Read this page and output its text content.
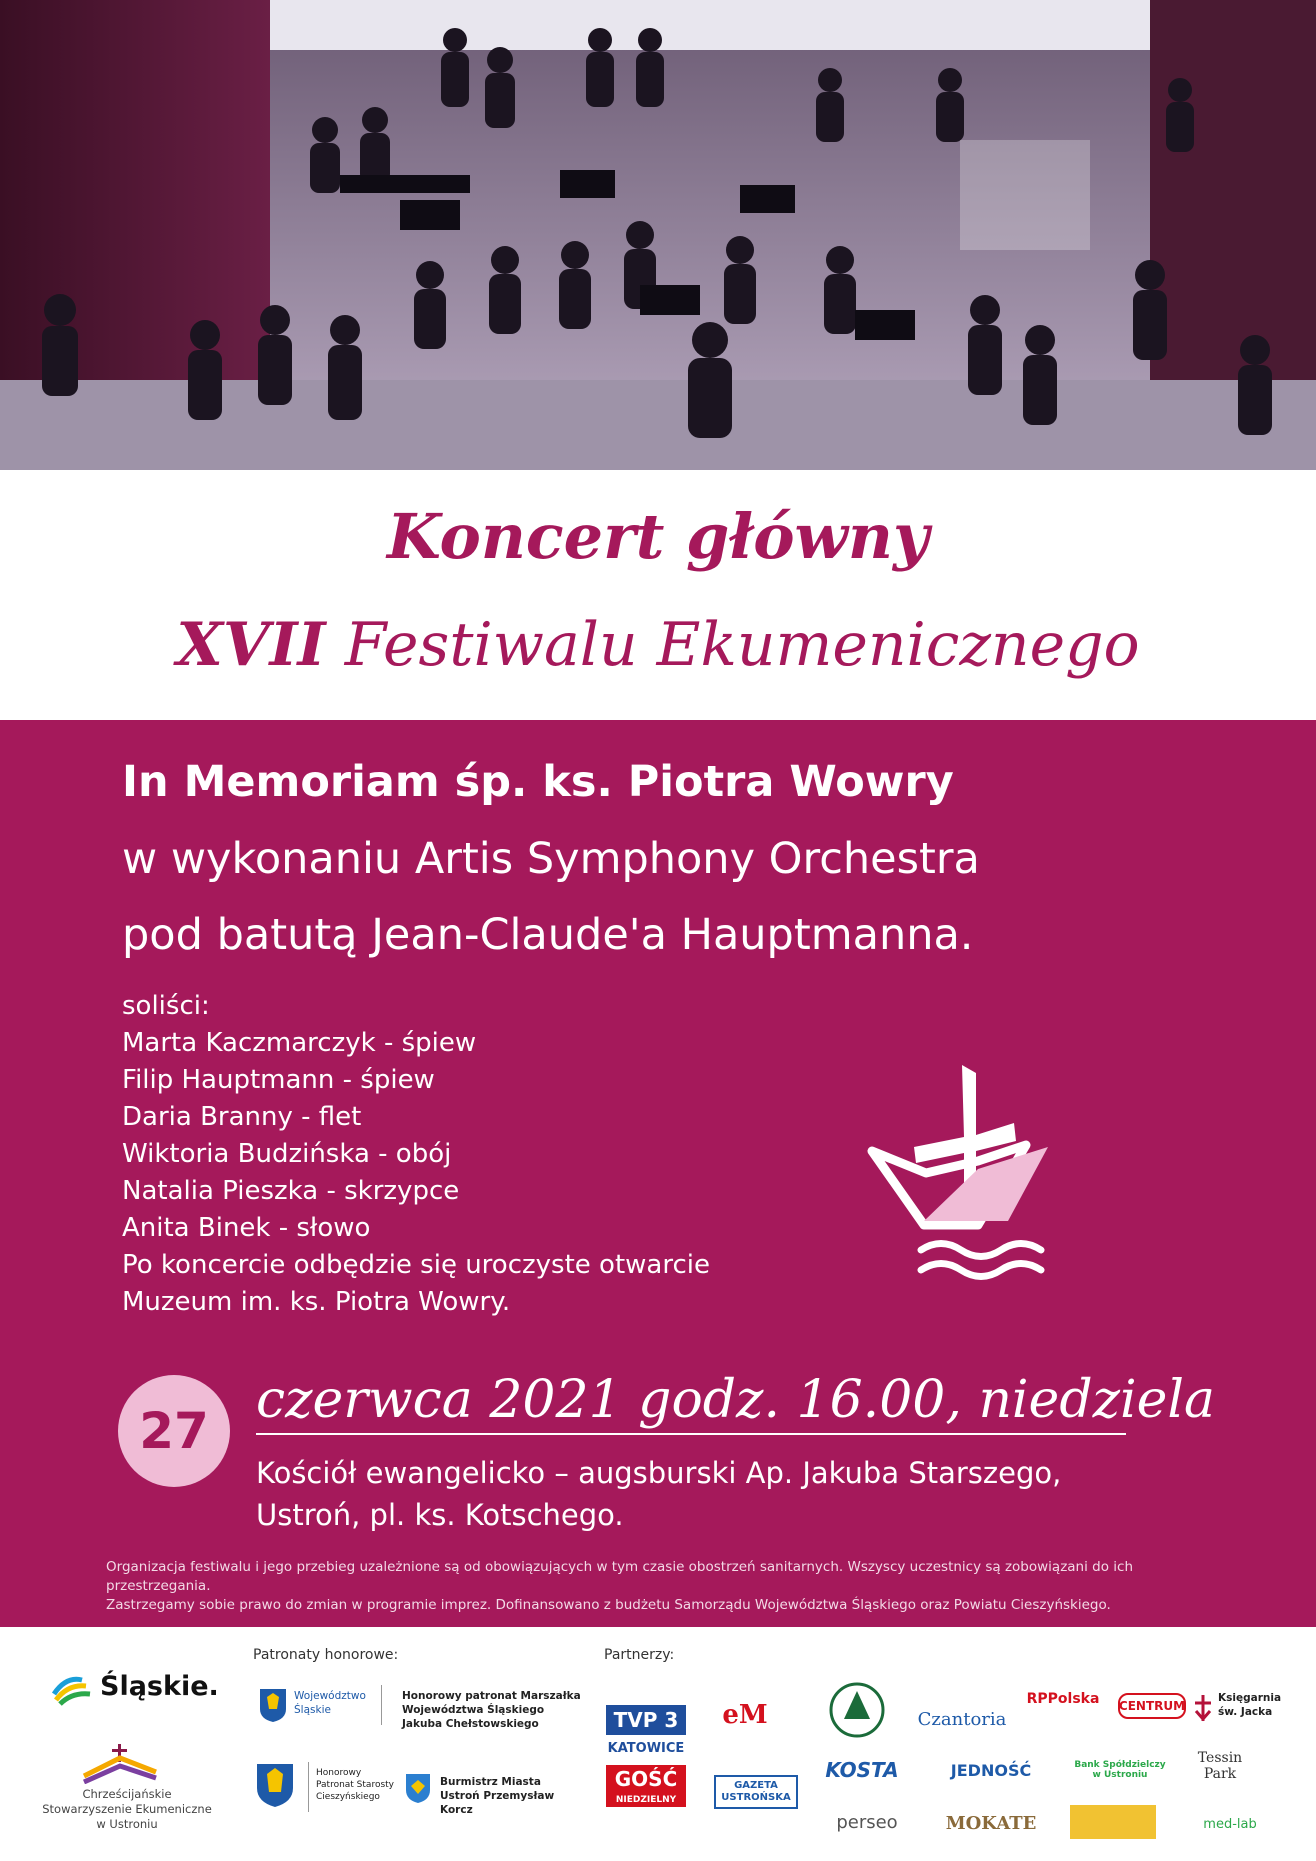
Koncert główny
XVII Festiwalu Ekumenicznego
In Memoriam śp. ks. Piotra Wowry
w wykonaniu Artis Symphony Orchestra
pod batutą Jean-Claude'a Hauptmanna.
soliści:
Marta Kaczmarczyk - śpiew
Filip Hauptmann - śpiew
Daria Branny - flet
Wiktoria Budzińska - obój
Natalia Pieszka - skrzypce
Anita Binek - słowo
Po koncercie odbędzie się uroczyste otwarcie
Muzeum im. ks. Piotra Wowry.
27
czerwca 2021 godz. 16.00, niedziela
Kościół ewangelicko – augsburski Ap. Jakuba Starszego,
Ustroń, pl. ks. Kotschego.
Organizacja festiwalu i jego przebieg uzależnione są od obowiązujących w tym czasie obostrzeń sanitarnych. Wszyscy uczestnicy są zobowiązani do ich przestrzegania.
Zastrzegamy sobie prawo do zmian w programie imprez. Dofinansowano z budżetu Samorządu Województwa Śląskiego oraz Powiatu Cieszyńskiego.
Śląskie.
Chrześcijańskie Stowarzyszenie Ekumeniczne w Ustroniu
Patronaty honorowe:
Województwo Śląskie
Honorowy patronat Marszałka Województwa Śląskiego Jakuba Chełstowskiego
Honorowy Patronat Starosty Cieszyńskiego
Burmistrz Miasta Ustroń Przemysław Korcz
Partnerzy:
TVP 3
KATOWICE
eM
GOŚĆ
NIEDZIELNY
GAZETA USTROŃSKA
Czantoria
RPPolska	CENTRUM
Księgarnia św. Jacka
KOSTA	JEDNOŚĆ	Bank Spółdzielczy w Ustroniu
Tessin Park
perseo	MOKATE	med-lab
